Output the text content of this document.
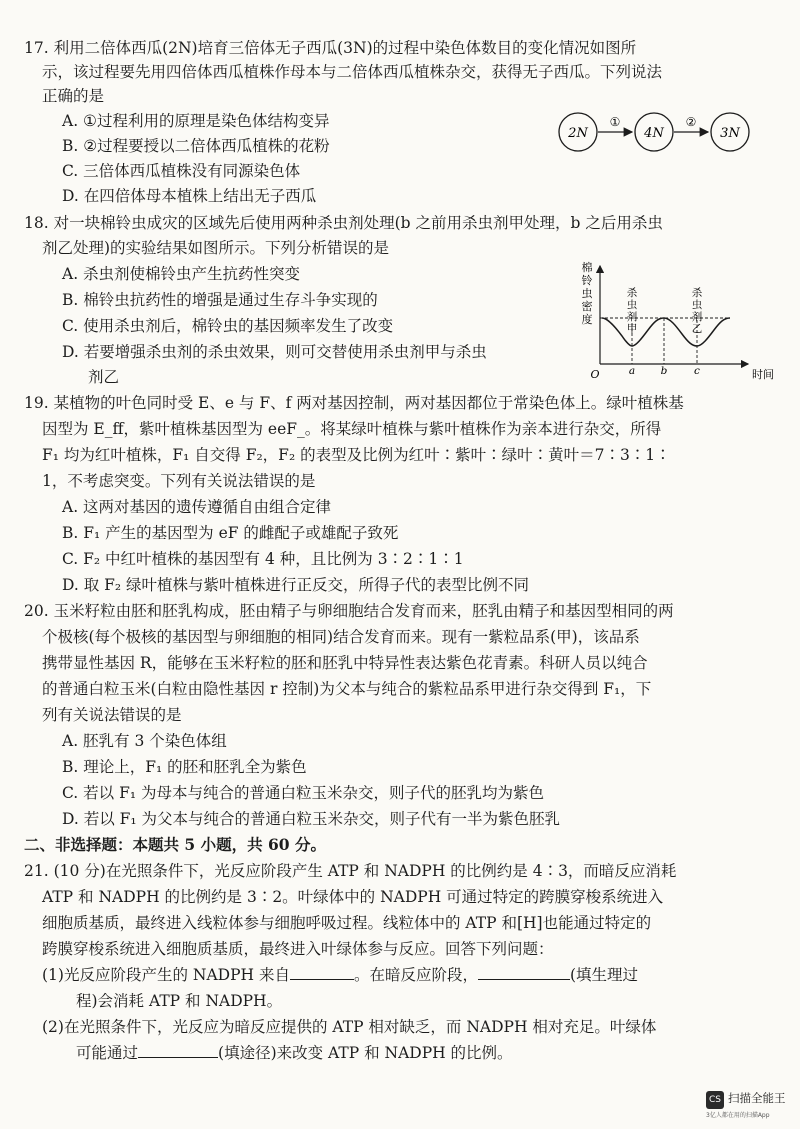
17. 利用二倍体西瓜(2N)培育三倍体无子西瓜(3N)的过程中染色体数目的变化情况如图所
示，该过程要先用四倍体西瓜植株作母本与二倍体西瓜植株杂交，获得无子西瓜。下列说法
正确的是
A. ①过程利用的原理是染色体结构变异
B. ②过程要授以二倍体西瓜植株的花粉
C. 三倍体西瓜植株没有同源染色体
D. 在四倍体母本植株上结出无子西瓜
2N	4N	3N
①	②
18. 对一块棉铃虫成灾的区域先后使用两种杀虫剂处理(b 之前用杀虫剂甲处理，b 之后用杀虫
剂乙处理)的实验结果如图所示。下列分析错误的是
A. 杀虫剂使棉铃虫产生抗药性突变
B. 棉铃虫抗药性的增强是通过生存斗争实现的
C. 使用杀虫剂后，棉铃虫的基因频率发生了改变
D. 若要增强杀虫剂的杀虫效果，则可交替使用杀虫剂甲与杀虫
剂乙
棉
铃
虫
密
度
O	时间
a b	c
杀
虫
剂
甲
杀
虫
剂
乙
19. 某植物的叶色同时受 E、e 与 F、f 两对基因控制，两对基因都位于常染色体上。绿叶植株基
因型为 E_ff，紫叶植株基因型为 eeF_。将某绿叶植株与紫叶植株作为亲本进行杂交，所得
F₁ 均为红叶植株，F₁ 自交得 F₂，F₂ 的表型及比例为红叶∶紫叶∶绿叶∶黄叶＝7∶3∶1∶
1，不考虑突变。下列有关说法错误的是
A. 这两对基因的遗传遵循自由组合定律
B. F₁ 产生的基因型为 eF 的雌配子或雄配子致死
C. F₂ 中红叶植株的基因型有 4 种，且比例为 3∶2∶1∶1
D. 取 F₂ 绿叶植株与紫叶植株进行正反交，所得子代的表型比例不同
20. 玉米籽粒由胚和胚乳构成，胚由精子与卵细胞结合发育而来，胚乳由精子和基因型相同的两
个极核(每个极核的基因型与卵细胞的相同)结合发育而来。现有一紫粒品系(甲)，该品系
携带显性基因 R，能够在玉米籽粒的胚和胚乳中特异性表达紫色花青素。科研人员以纯合
的普通白粒玉米(白粒由隐性基因 r 控制)为父本与纯合的紫粒品系甲进行杂交得到 F₁，下
列有关说法错误的是
A. 胚乳有 3 个染色体组
B. 理论上，F₁ 的胚和胚乳全为紫色
C. 若以 F₁ 为母本与纯合的普通白粒玉米杂交，则子代的胚乳均为紫色
D. 若以 F₁ 为父本与纯合的普通白粒玉米杂交，则子代有一半为紫色胚乳
二、非选择题：本题共 5 小题，共 60 分。
21. (10 分)在光照条件下，光反应阶段产生 ATP 和 NADPH 的比例约是 4∶3，而暗反应消耗
ATP 和 NADPH 的比例约是 3∶2。叶绿体中的 NADPH 可通过特定的跨膜穿梭系统进入
细胞质基质，最终进入线粒体参与细胞呼吸过程。线粒体中的 ATP 和[H]也能通过特定的
跨膜穿梭系统进入细胞质基质，最终进入叶绿体参与反应。回答下列问题：
(1)光反应阶段产生的 NADPH 来自	。在暗反应阶段，	(填生理过
程)会消耗 ATP 和 NADPH。
(2)在光照条件下，光反应为暗反应提供的 ATP 相对缺乏，而 NADPH 相对充足。叶绿体
可能通过	(填途径)来改变 ATP 和 NADPH 的比例。
CS 扫描全能王
3亿人都在用的扫描App
